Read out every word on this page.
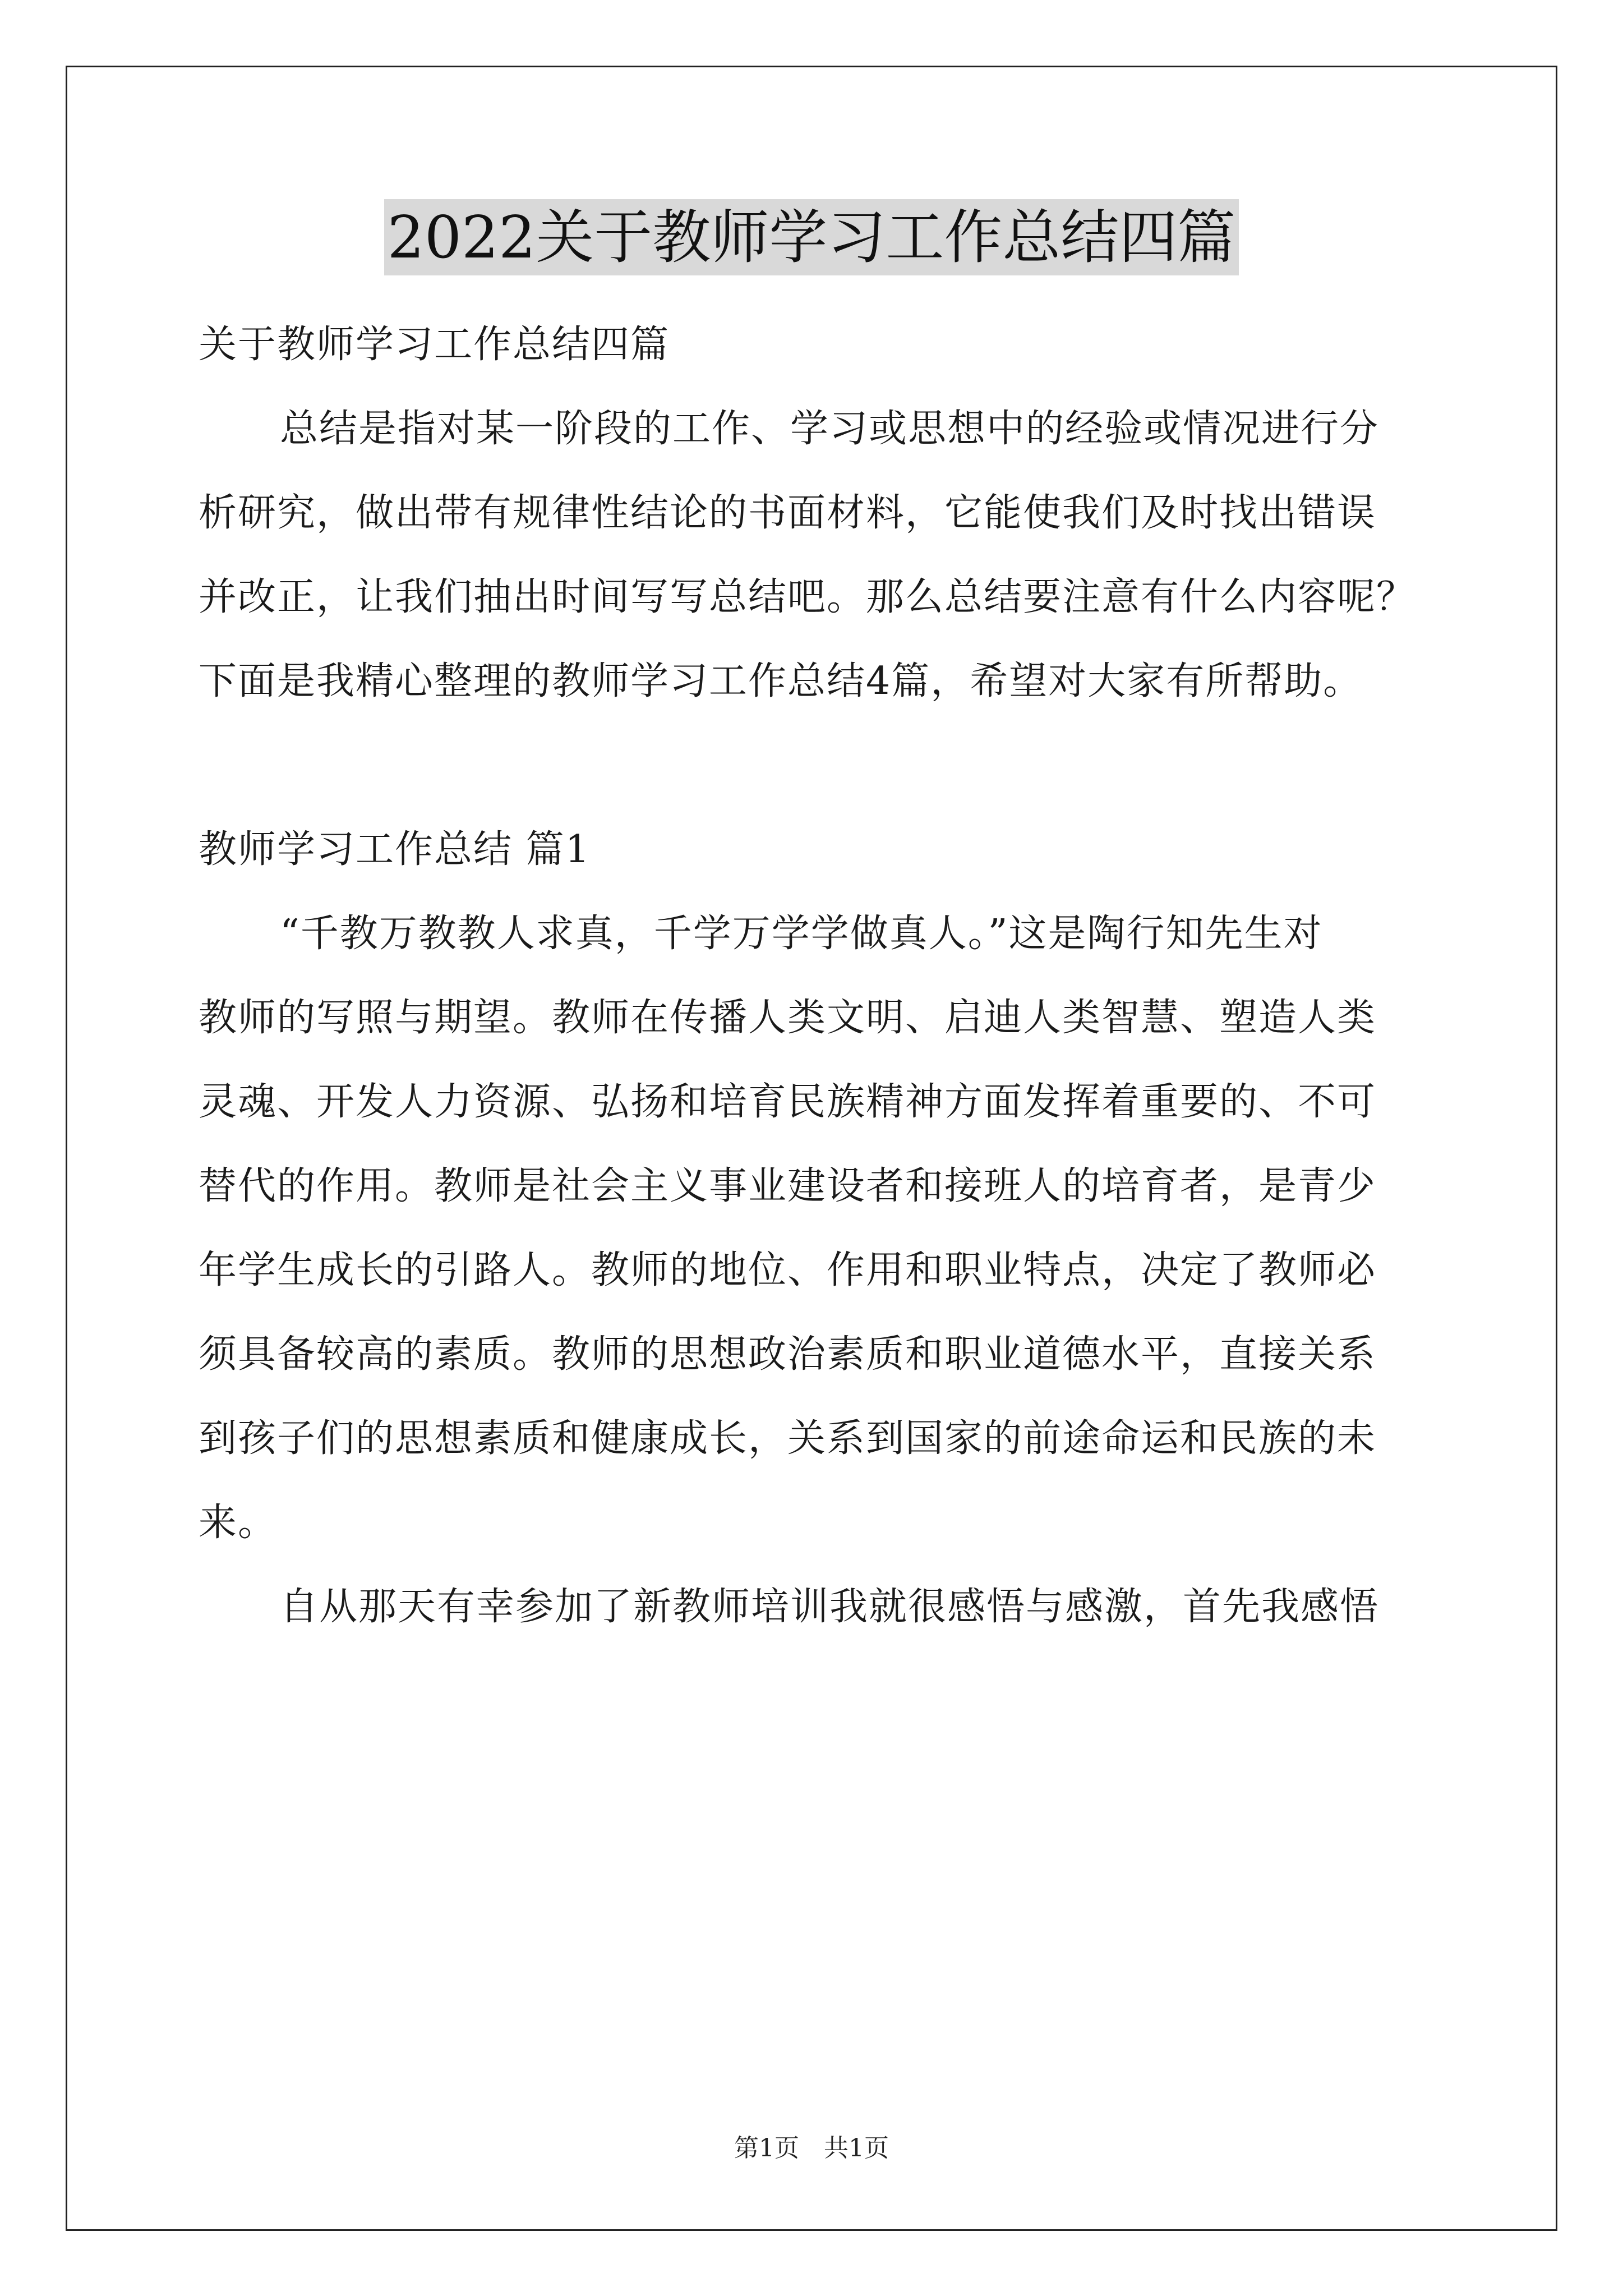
2022关于教师学习工作总结四篇
关于教师学习工作总结四篇
总结是指对某一阶段的工作、学习或思想中的经验或情况进行分
析研究，做出带有规律性结论的书面材料，它能使我们及时找出错误
并改正，让我们抽出时间写写总结吧。那么总结要注意有什么内容呢？
下面是我精心整理的教师学习工作总结4篇，希望对大家有所帮助。
教师学习工作总结 篇1
“千教万教教人求真，千学万学学做真人。”这是陶行知先生对
教师的写照与期望。教师在传播人类文明、启迪人类智慧、塑造人类
灵魂、开发人力资源、弘扬和培育民族精神方面发挥着重要的、不可
替代的作用。教师是社会主义事业建设者和接班人的培育者，是青少
年学生成长的引路人。教师的地位、作用和职业特点，决定了教师必
须具备较高的素质。教师的思想政治素质和职业道德水平，直接关系
到孩子们的思想素质和健康成长，关系到国家的前途命运和民族的未
来。
自从那天有幸参加了新教师培训我就很感悟与感激，首先我感悟
第1页 共1页
